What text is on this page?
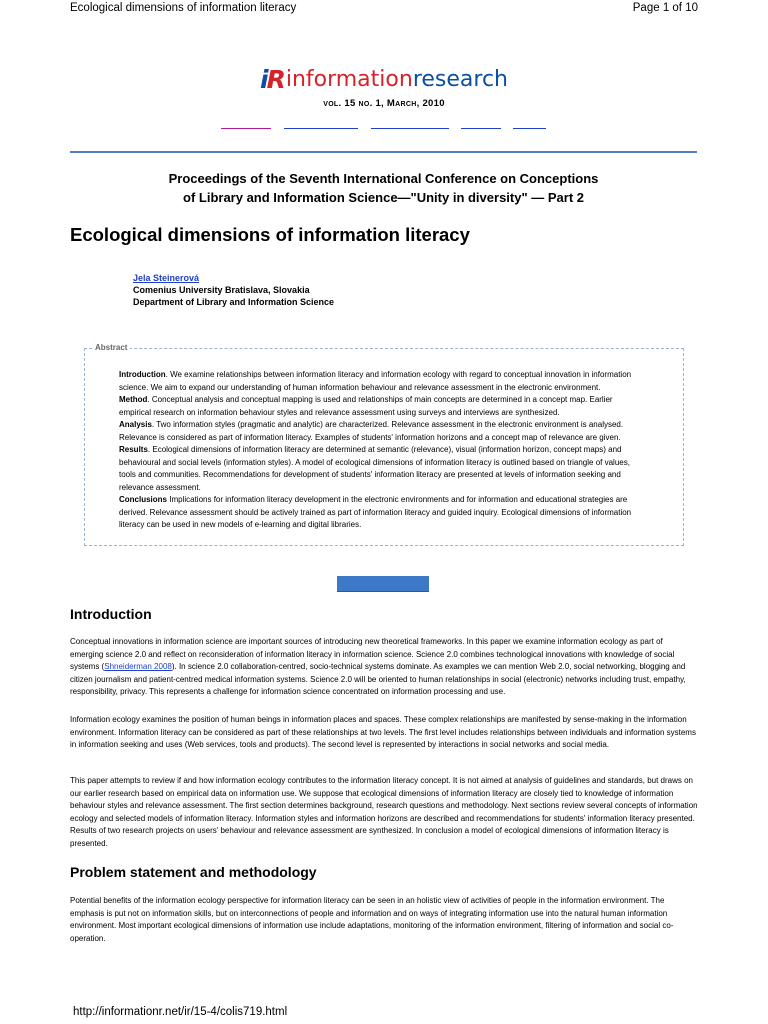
Ecological dimensions of information literacy	Page 1 of 10
iRinformationresearch
vol. 15 no. 1, March, 2010
Proceedings of the Seventh International Conference on Conceptions
of Library and Information Science—"Unity in diversity" — Part 2
Ecological dimensions of information literacy
Jela Steinerová
Comenius University Bratislava, Slovakia
Department of Library and Information Science
Abstract

Introduction. We examine relationships between information literacy and information ecology with regard to conceptual innovation in information science. We aim to expand our understanding of human information behaviour and relevance assessment in the electronic environment.

Method. Conceptual analysis and conceptual mapping is used and relationships of main concepts are determined in a concept map. Earlier empirical research on information behaviour styles and relevance assessment using surveys and interviews are synthesized.

Analysis. Two information styles (pragmatic and analytic) are characterized. Relevance assessment in the electronic environment is analysed. Relevance is considered as part of information literacy. Examples of students' information horizons and a concept map of relevance are given.

Results. Ecological dimensions of information literacy are determined at semantic (relevance), visual (information horizon, concept maps) and behavioural and social levels (information styles). A model of ecological dimensions of information literacy is outlined based on triangle of values, tools and communities. Recommendations for development of students' information literacy are presented at levels of information seeking and relevance assessment.

Conclusions Implications for information literacy development in the electronic environments and for information and educational strategies are derived. Relevance assessment should be actively trained as part of information literacy and guided inquiry. Ecological dimensions of information literacy can be used in new models of e-learning and digital libraries.

Introduction

Conceptual innovations in information science are important sources of introducing new theoretical frameworks. In this paper we examine information ecology as part of emerging science 2.0 and reflect on reconsideration of information literacy in information science. Science 2.0 combines technological innovations with knowledge of social systems (Shneiderman 2008). In science 2.0 collaboration-centred, socio-technical systems dominate. As examples we can mention Web 2.0, social networking, blogging and citizen journalism and patient-centred medical information systems. Science 2.0 will be oriented to human relationships in social (electronic) networks including trust, empathy, responsibility, privacy. This represents a challenge for information science concentrated on information processing and use.

Information ecology examines the position of human beings in information places and spaces. These complex relationships are manifested by sense-making in the information environment. Information literacy can be considered as part of these relationships at two levels. The first level includes relationships between individuals and information systems in information seeking and uses (Web services, tools and products). The second level is represented by interactions in social networks and social media.

This paper attempts to review if and how information ecology contributes to the information literacy concept. It is not aimed at analysis of guidelines and standards, but draws on our earlier research based on empirical data on information use. We suppose that ecological dimensions of information literacy are closely tied to knowledge of information behaviour styles and relevance assessment. The first section determines background, research questions and methodology. Next sections review several concepts of information ecology and selected models of information literacy. Information styles and information horizons are described and recommendations for students' information literacy presented. Results of two research projects on users' behaviour and relevance assessment are synthesized. In conclusion a model of ecological dimensions of information literacy is presented.

Problem statement and methodology

Potential benefits of the information ecology perspective for information literacy can be seen in an holistic view of activities of people in the information environment. The emphasis is put not on information skills, but on interconnections of people and information and on ways of integrating information use into the natural human information environment. Most important ecological dimensions of information use include adaptations, monitoring of the information environment, filtering of information and social co-operation.

http://informationr.net/ir/15-4/colis719.html
